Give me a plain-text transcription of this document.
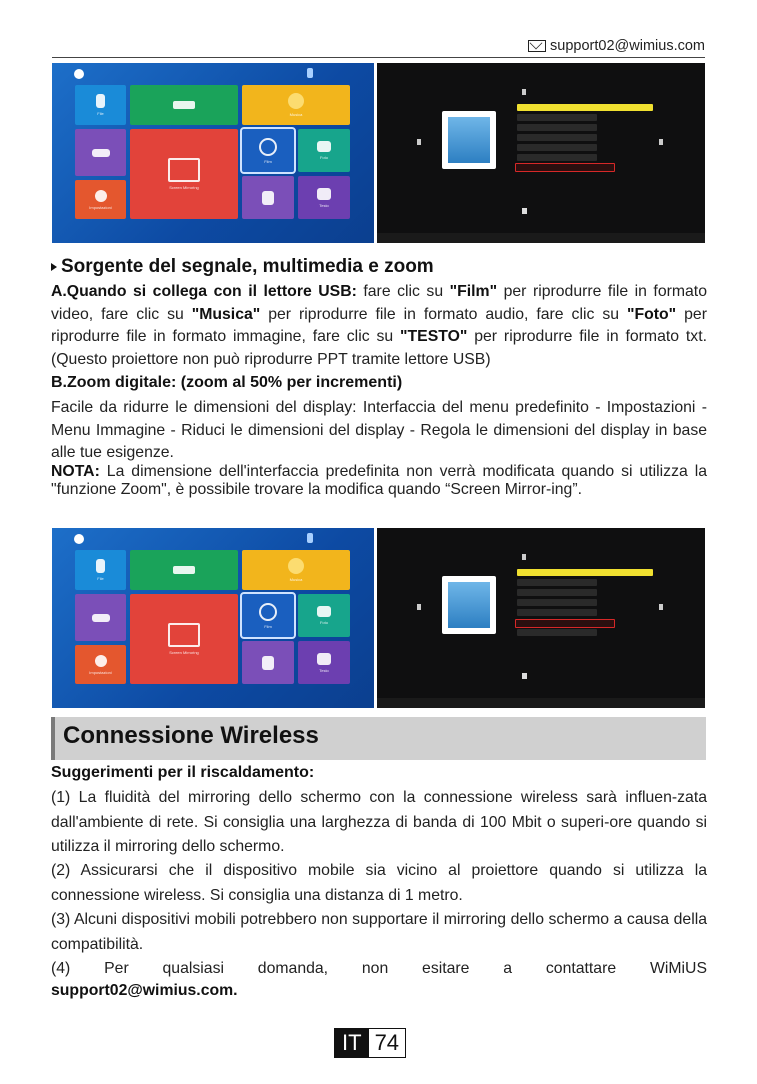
support02@wimius.com
File	Musica
Screen Mirroring
Film
Foto
Impostazioni	Testo
Sorgente del segnale, multimedia e zoom
A.Quando si collega con il lettore USB: fare clic su "Film" per riprodurre file in formato video, fare clic su "Musica" per riprodurre file in formato audio, fare clic su "Foto" per riprodurre file in formato immagine, fare clic su "TESTO" per riprodurre file in formato txt. (Questo proiettore non può riprodurre PPT tramite lettore USB)
B.Zoom digitale: (zoom al 50% per incrementi)
Facile da ridurre le dimensioni del display: Interfaccia del menu predefinito - Impostazioni - Menu Immagine - Riduci le dimensioni del display - Regola le dimensioni del display in base alle tue esigenze.
NOTA: La dimensione dell'interfaccia predefinita non verrà modificata quando si utilizza la "funzione Zoom", è possibile trovare la modifica quando “Screen Mirror-ing”.
File	Musica
Screen Mirroring
Film
Foto
Impostazioni	Testo
Connessione Wireless
Suggerimenti per il riscaldamento:
(1) La fluidità del mirroring dello schermo con la connessione wireless sarà influen-zata dall'ambiente di rete. Si consiglia una larghezza di banda di 100 Mbit o superi-ore quando si utilizza il mirroring dello schermo.
(2) Assicurarsi che il dispositivo mobile sia vicino al proiettore quando si utilizza la connessione wireless. Si consiglia una distanza di 1 metro.
(3) Alcuni dispositivi mobili potrebbero non supportare il mirroring dello schermo a causa della compatibilità.
(4) Per qualsiasi domanda, non esitare a contattare WiMiUS
support02@wimius.com.
IT 74
